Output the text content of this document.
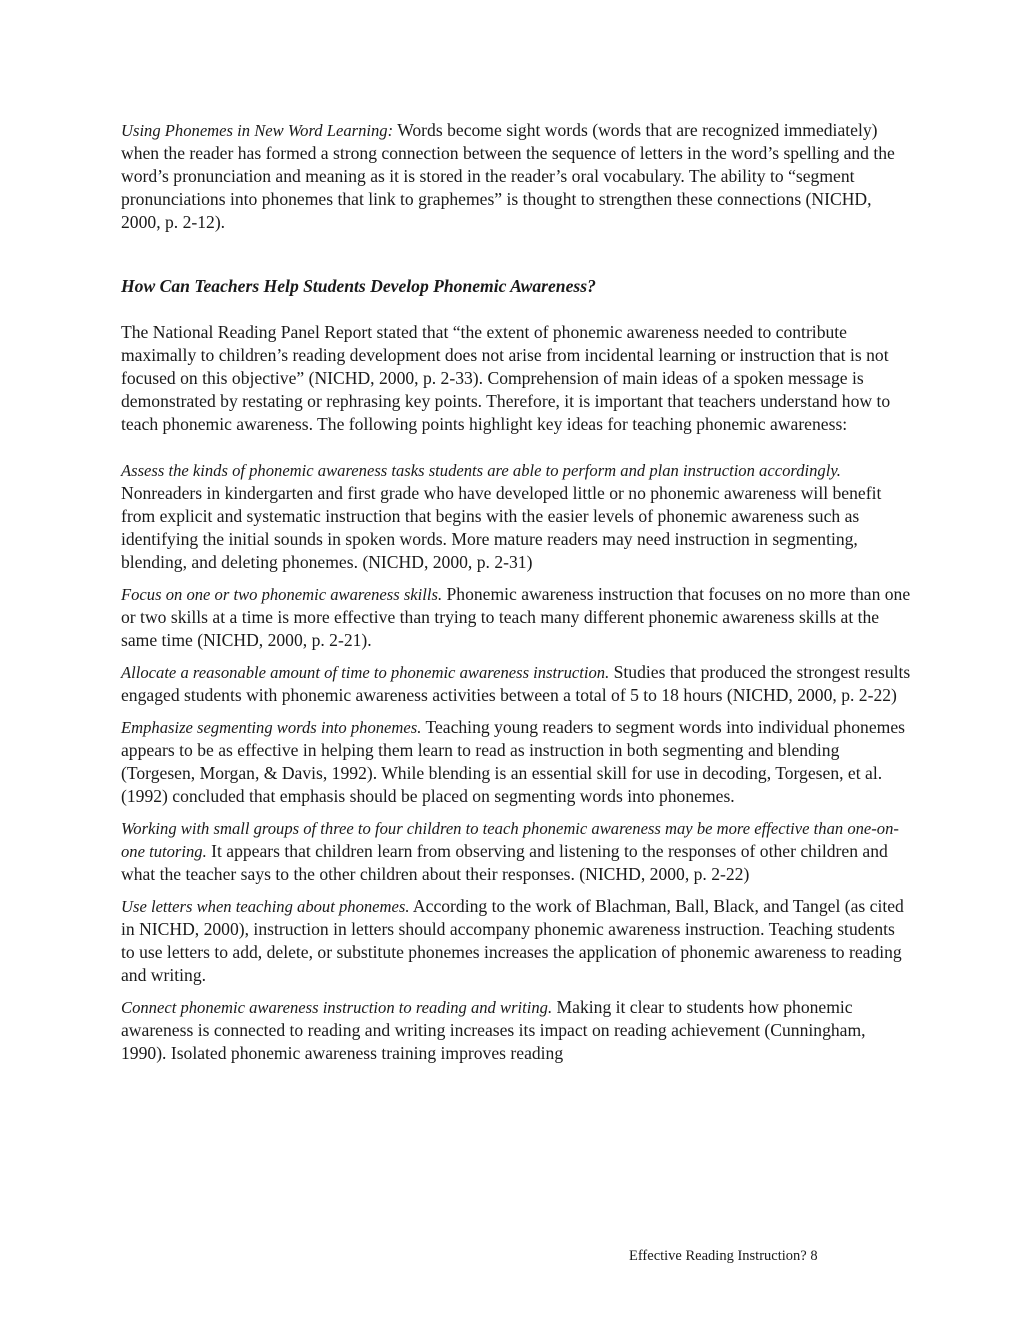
Using Phonemes in New Word Learning: Words become sight words (words that are recognized immediately) when the reader has formed a strong connection between the sequence of letters in the word’s spelling and the word’s pronunciation and meaning as it is stored in the reader’s oral vocabulary. The ability to “segment pronunciations into phonemes that link to graphemes” is thought to strengthen these connections (NICHD, 2000, p. 2-12).

How Can Teachers Help Students Develop Phonemic Awareness?

The National Reading Panel Report stated that “the extent of phonemic awareness needed to contribute maximally to children’s reading development does not arise from incidental learning or instruction that is not focused on this objective” (NICHD, 2000, p. 2-33). Comprehension of main ideas of a spoken message is demonstrated by restating or rephrasing key points. Therefore, it is important that teachers understand how to teach phonemic awareness. The following points highlight key ideas for teaching phonemic awareness:

Assess the kinds of phonemic awareness tasks students are able to perform and plan instruction accordingly. Nonreaders in kindergarten and first grade who have developed little or no phonemic awareness will benefit from explicit and systematic instruction that begins with the easier levels of phonemic awareness such as identifying the initial sounds in spoken words. More mature readers may need instruction in segmenting, blending, and deleting phonemes. (NICHD, 2000, p. 2-31)

Focus on one or two phonemic awareness skills. Phonemic awareness instruction that focuses on no more than one or two skills at a time is more effective than trying to teach many different phonemic awareness skills at the same time (NICHD, 2000, p. 2-21).

Allocate a reasonable amount of time to phonemic awareness instruction. Studies that produced the strongest results engaged students with phonemic awareness activities between a total of 5 to 18 hours (NICHD, 2000, p. 2-22)

Emphasize segmenting words into phonemes. Teaching young readers to segment words into individual phonemes appears to be as effective in helping them learn to read as instruction in both segmenting and blending (Torgesen, Morgan, & Davis, 1992). While blending is an essential skill for use in decoding, Torgesen, et al. (1992) concluded that emphasis should be placed on segmenting words into phonemes.

Working with small groups of three to four children to teach phonemic awareness may be more effective than one-on-one tutoring. It appears that children learn from observing and listening to the responses of other children and what the teacher says to the other children about their responses. (NICHD, 2000, p. 2-22)

Use letters when teaching about phonemes. According to the work of Blachman, Ball, Black, and Tangel (as cited in NICHD, 2000), instruction in letters should accompany phonemic awareness instruction. Teaching students to use letters to add, delete, or substitute phonemes increases the application of phonemic awareness to reading and writing.

Connect phonemic awareness instruction to reading and writing. Making it clear to students how phonemic awareness is connected to reading and writing increases its impact on reading achievement (Cunningham, 1990). Isolated phonemic awareness training improves reading

Effective Reading Instruction? 8
